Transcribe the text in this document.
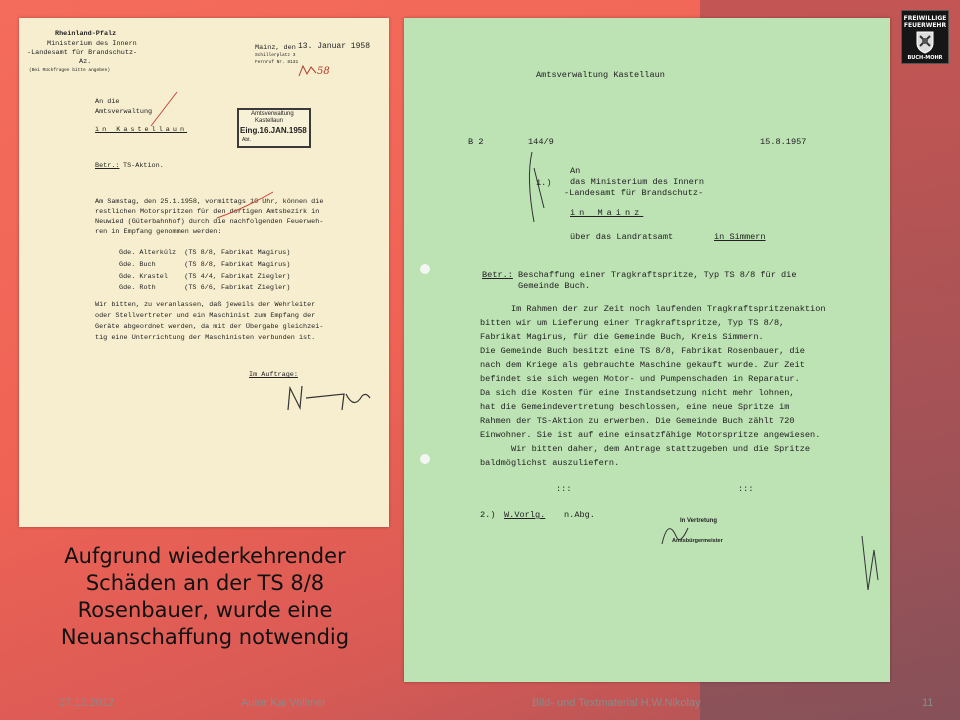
FREIWILLIGE
FEUERWEHR
BUCH-MOHR
Rheinland-Pfalz
Ministerium des Innern
-Landesamt für Brandschutz-
Az.
(Bei Rückfragen bitte angeben)
Mainz, den 13. Januar 1958
Schillerplatz 3
Fernruf Nr. 8131
58
An die
Amtsverwaltung
in Kastellaun
Amtsverwaltung
Kastellaun
Eing.16.JAN.1958
Abt.
Betr.: TS-Aktion.
Am Samstag, den 25.1.1958, vormittags 10 Uhr, können die
restlichen Motorspritzen für den dortigen Amtsbezirk in
Neuwied (Güterbahnhof) durch die nachfolgenden Feuerweh-
ren in Empfang genommen werden:
Gde. Alterkülz  (TS 8/8, Fabrikat Magirus)
Gde. Buch       (TS 8/8, Fabrikat Magirus)
Gde. Krastel    (TS 4/4, Fabrikat Ziegler)
Gde. Roth       (TS 6/6, Fabrikat Ziegler)
Wir bitten, zu veranlassen, daß jeweils der Wehrleiter
oder Stellvertreter und ein Maschinist zum Empfang der
Geräte abgeordnet werden, da mit der Übergabe gleichzei-
tig eine Unterrichtung der Maschinisten verbunden ist.
Im Auftrage:
Amtsverwaltung Kastellaun
B 2	144/9	15.8.1957
1.)
An
das Ministerium des Innern
-Landesamt für Brandschutz-
in Mainz
über das Landratsamt	in Simmern
Betr.: Beschaffung einer Tragkraftspritze, Typ TS 8/8 für die
Gemeinde Buch.
Im Rahmen der zur Zeit noch laufenden Tragkraftspritzenaktion
bitten wir um Lieferung einer Tragkraftspritze, Typ TS 8/8,
Fabrikat Magirus, für die Gemeinde Buch, Kreis Simmern.
Die Gemeinde Buch besitzt eine TS 8/8, Fabrikat Rosenbauer, die
nach dem Kriege als gebrauchte Maschine gekauft wurde. Zur Zeit
befindet sie sich wegen Motor- und Pumpenschaden in Reparatur.
Da sich die Kosten für eine Instandsetzung nicht mehr lohnen,
hat die Gemeindevertretung beschlossen, eine neue Spritze im
Rahmen der TS-Aktion zu erwerben. Die Gemeinde Buch zählt 720
Einwohner. Sie ist auf eine einsatzfähige Motorspritze angewiesen.
Wir bitten daher, dem Antrage stattzugeben und die Spritze
baldmöglichst auszuliefern.
:::	:::
2.) W.Vorlg. n.Abg.
In Vertretung
Amtsbürgermeister
Aufgrund wiederkehrender
Schäden an der TS 8/8
Rosenbauer, wurde eine
Neuanschaffung notwendig
27.12.2012	Autor Kai Vollmer	Bild- und Textmaterial H.W.Nikolay	11
